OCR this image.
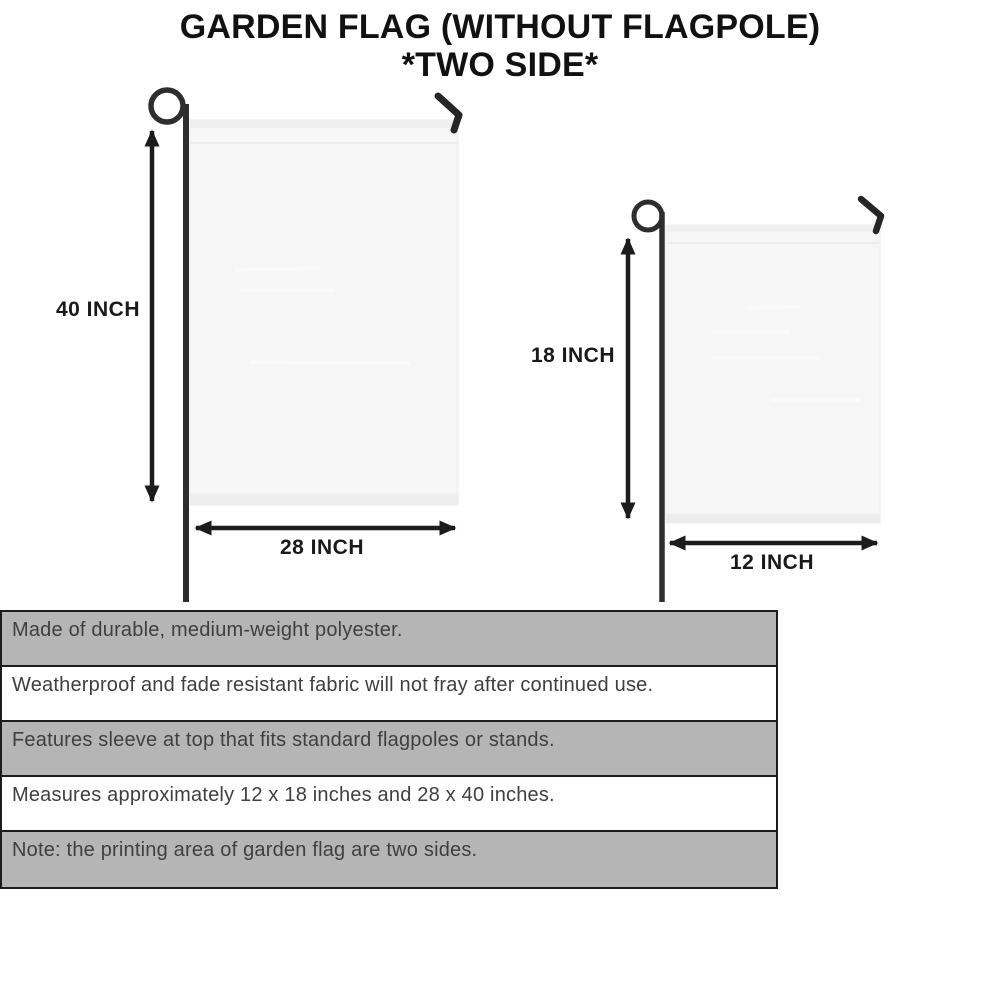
40 INCH
28 INCH
18 INCH
12 INCH
GARDEN FLAG (WITHOUT FLAGPOLE)
*TWO SIDE*
Made of durable, medium-weight polyester.
Weatherproof and fade resistant fabric will not fray after continued use.
Features sleeve at top that fits standard flagpoles or stands.
Measures approximately 12 x 18 inches and 28 x 40 inches.
Note: the printing area of garden flag are two sides.
